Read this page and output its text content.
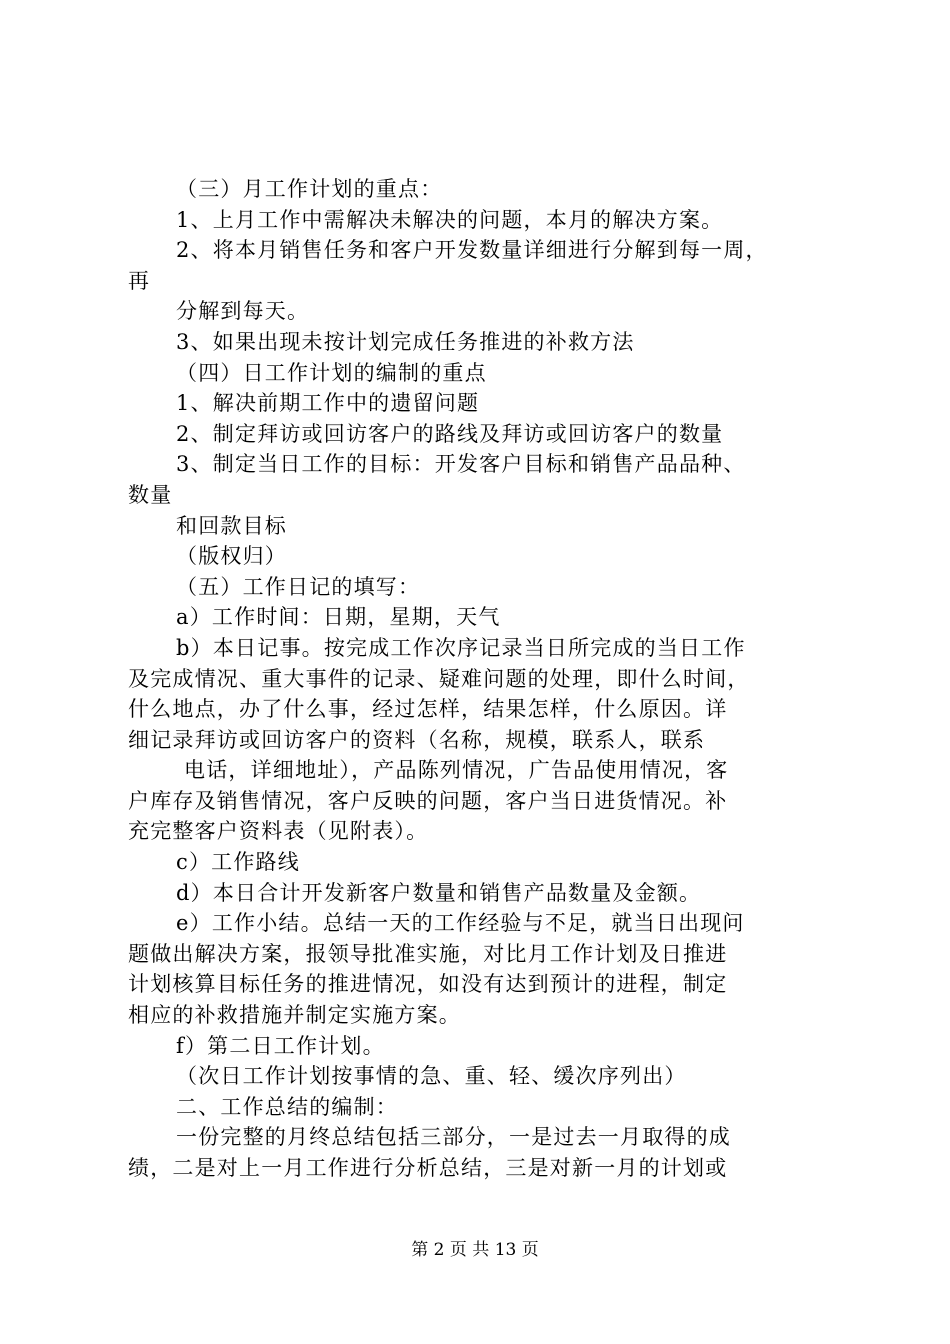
（三）月工作计划的重点：
1、上月工作中需解决未解决的问题，本月的解决方案。
2、将本月销售任务和客户开发数量详细进行分解到每一周，
再
分解到每天。
3、如果出现未按计划完成任务推进的补救方法
（四）日工作计划的编制的重点
1、解决前期工作中的遗留问题
2、制定拜访或回访客户的路线及拜访或回访客户的数量
3、制定当日工作的目标：开发客户目标和销售产品品种、
数量
和回款目标
（版权归）
（五）工作日记的填写：
a）工作时间：日期，星期，天气
b）本日记事。按完成工作次序记录当日所完成的当日工作
及完成情况、重大事件的记录、疑难问题的处理，即什么时间，
什么地点，办了什么事，经过怎样，结果怎样，什么原因。详
细记录拜访或回访客户的资料（名称，规模，联系人，联系
电话，详细地址），产品陈列情况，广告品使用情况，客
户库存及销售情况，客户反映的问题，客户当日进货情况。补
充完整客户资料表（见附表）。
c）工作路线
d）本日合计开发新客户数量和销售产品数量及金额。
e）工作小结。总结一天的工作经验与不足，就当日出现问
题做出解决方案，报领导批准实施，对比月工作计划及日推进
计划核算目标任务的推进情况，如没有达到预计的进程，制定
相应的补救措施并制定实施方案。
f）第二日工作计划。
（次日工作计划按事情的急、重、轻、缓次序列出）
二、工作总结的编制：
一份完整的月终总结包括三部分，一是过去一月取得的成
绩，二是对上一月工作进行分析总结，三是对新一月的计划或
第 2 页 共 13 页
